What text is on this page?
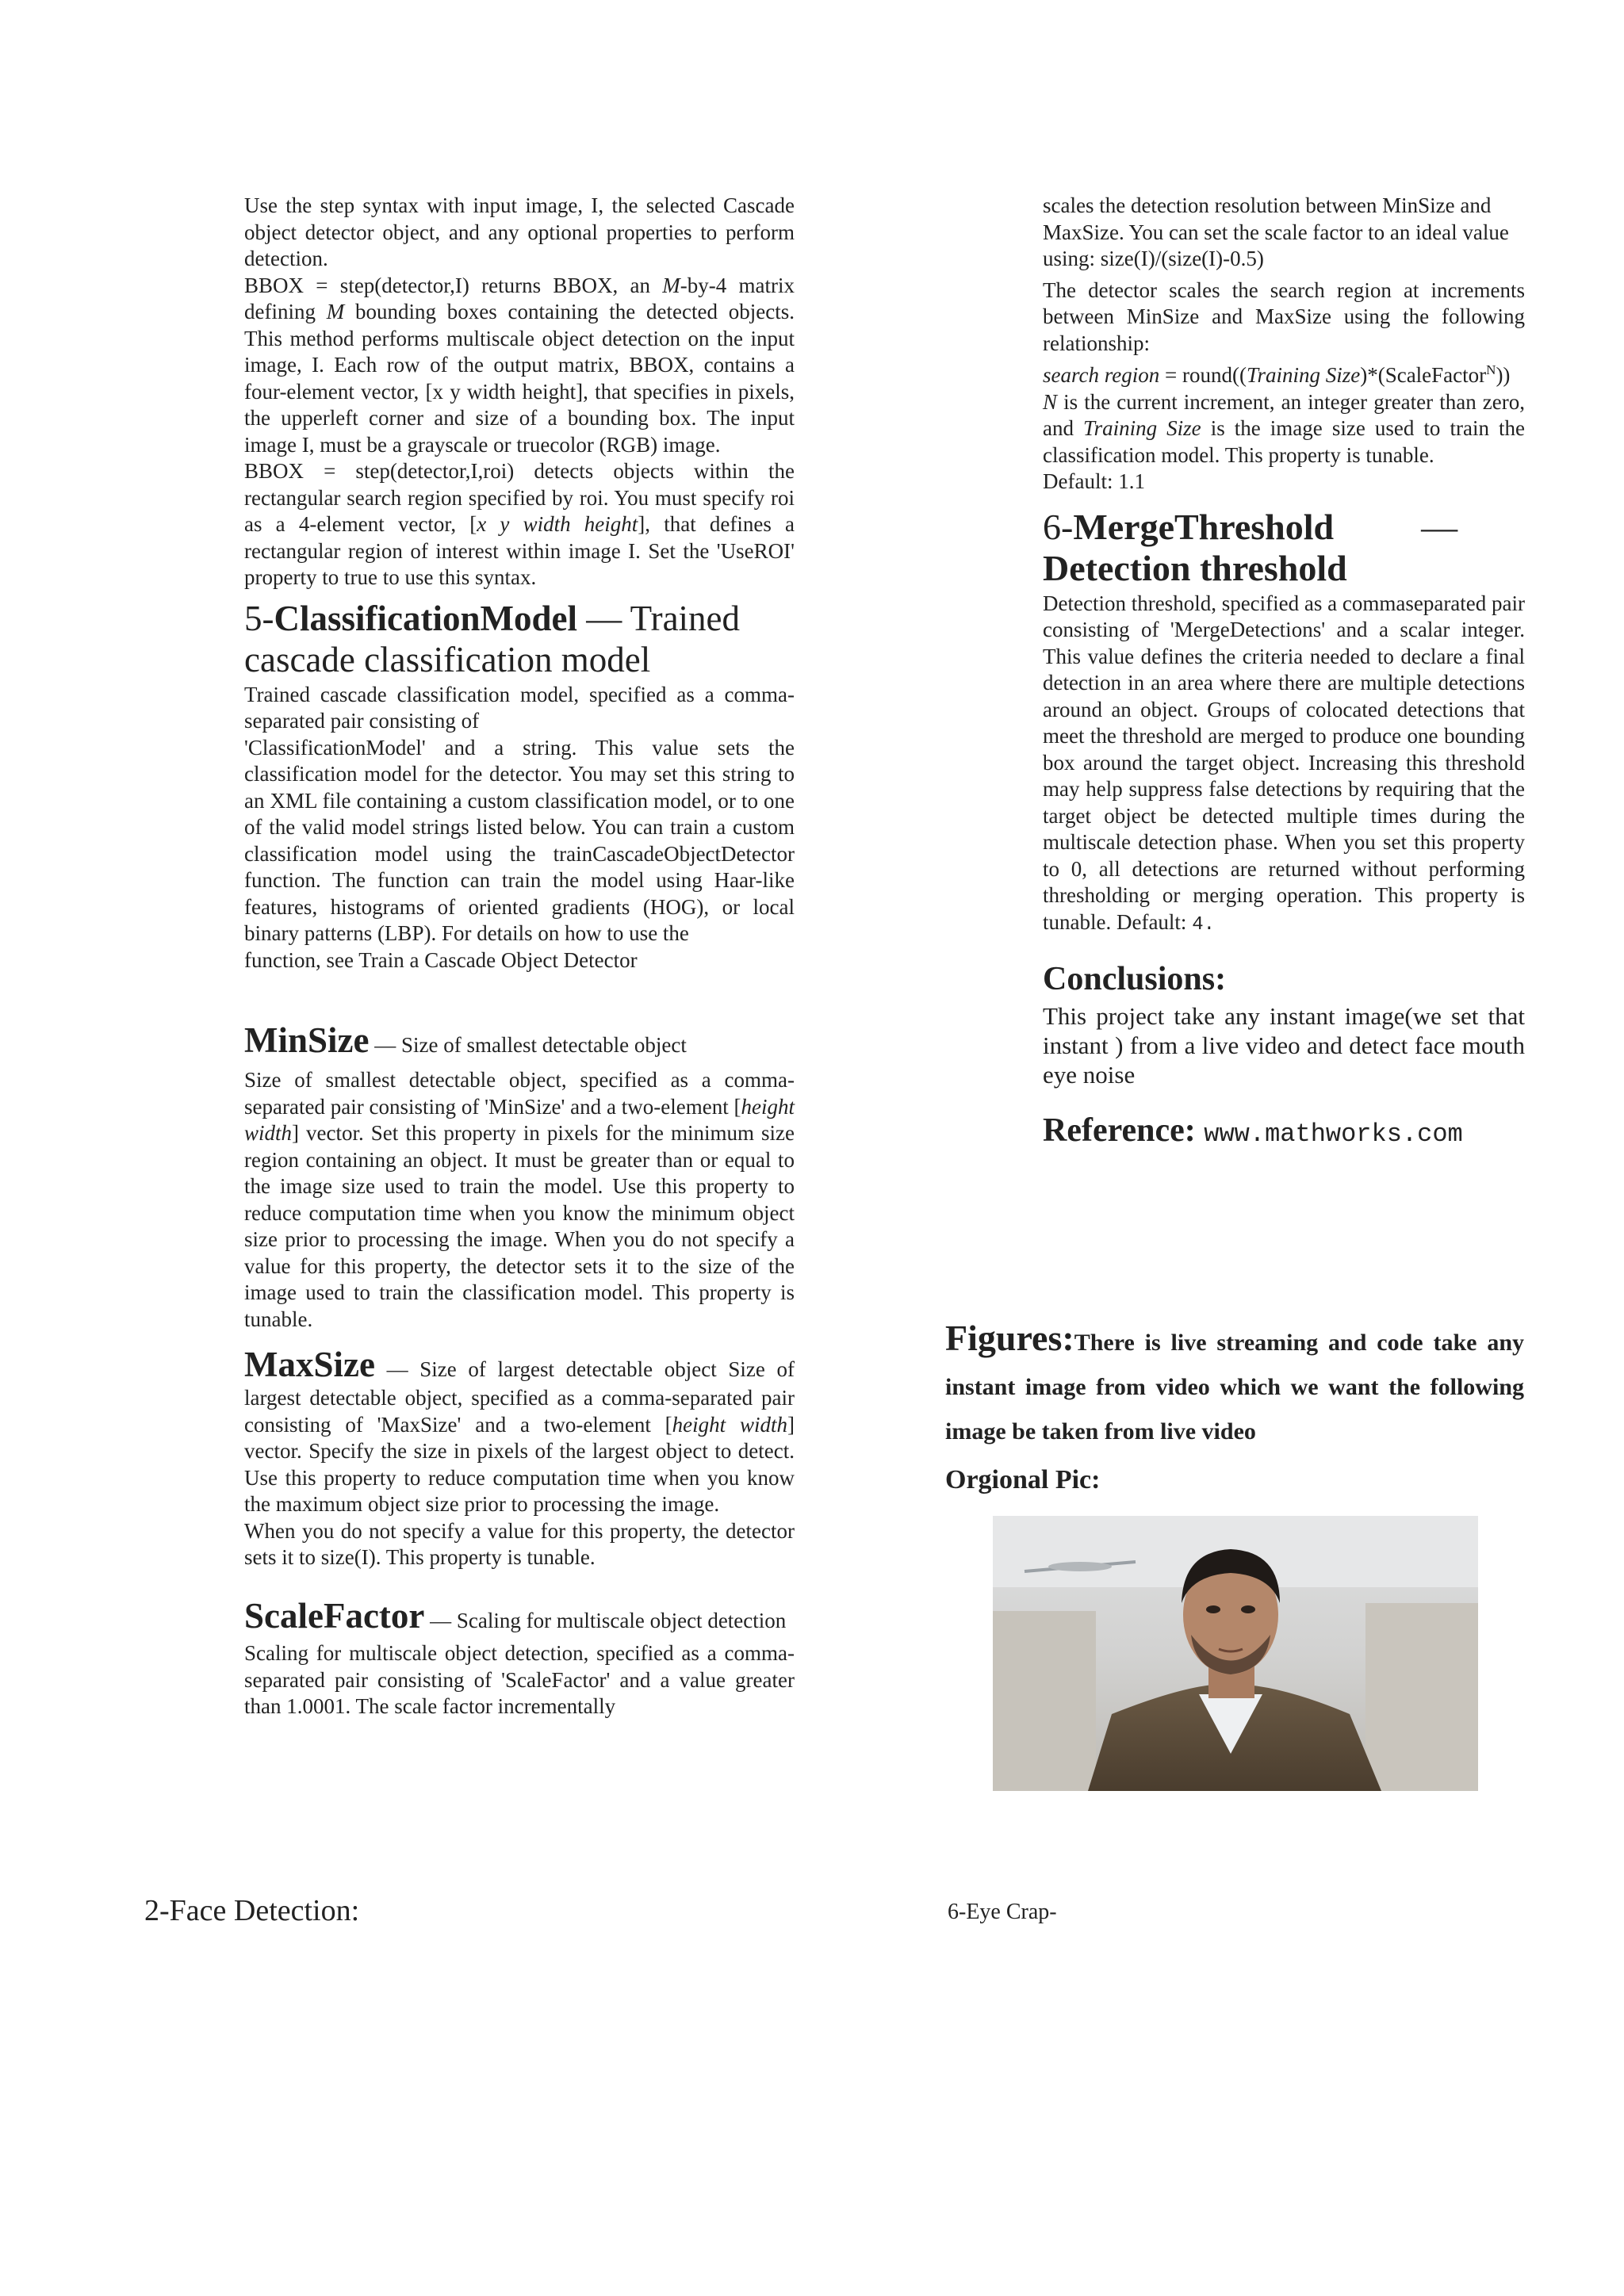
Use the step syntax with input image, I, the selected Cascade object detector object, and any optional properties to perform detection.

BBOX = step(detector,I) returns BBOX, an M-by-4 matrix defining M bounding boxes containing the detected objects. This method performs multiscale object detection on the input image, I. Each row of the output matrix, BBOX, contains a four-element vector, [x y width height], that specifies in pixels, the upperleft corner and size of a bounding box. The input image I, must be a grayscale or truecolor (RGB) image.

BBOX = step(detector,I,roi) detects objects within the rectangular search region specified by roi. You must specify roi as a 4-element vector, [x y width height], that defines a rectangular region of interest within image I. Set the 'UseROI' property to true to use this syntax.

5-ClassificationModel — Trained cascade classification model

Trained cascade classification model, specified as a comma-separated pair consisting of

'ClassificationModel' and a string. This value sets the classification model for the detector. You may set this string to an XML file containing a custom classification model, or to one of the valid model strings listed below. You can train a custom classification model using the trainCascadeObjectDetector function. The function can train the model using Haar-like features, histograms of oriented gradients (HOG), or local binary patterns (LBP). For details on how to use the

function, see Train a Cascade Object Detector

MinSize — Size of smallest detectable object

Size of smallest detectable object, specified as a comma-separated pair consisting of 'MinSize' and a two-element [height width] vector. Set this property in pixels for the minimum size region containing an object. It must be greater than or equal to the image size used to train the model. Use this property to reduce computation time when you know the minimum object size prior to processing the image. When you do not specify a value for this property, the detector sets it to the size of the image used to train the classification model. This property is tunable.

MaxSize — Size of largest detectable object Size of largest detectable object, specified as a comma-separated pair consisting of 'MaxSize' and a two-element [height width] vector. Specify the size in pixels of the largest object to detect. Use this property to reduce computation time when you know the maximum object size prior to processing the image.

When you do not specify a value for this property, the detector sets it to size(I). This property is tunable.

ScaleFactor — Scaling for multiscale object detection

Scaling for multiscale object detection, specified as a comma-separated pair consisting of 'ScaleFactor' and a value greater than 1.0001. The scale factor incrementally

scales the detection resolution between MinSize and MaxSize. You can set the scale factor to an ideal value using: size(I)/(size(I)-0.5)

The detector scales the search region at increments between MinSize and MaxSize using the following relationship:

search region = round((Training Size)*(ScaleFactor$^N$))

N is the current increment, an integer greater than zero, and Training Size is the image size used to train the classification model. This property is tunable.

Default: 1.1

6-MergeThreshold —
Detection threshold

Detection threshold, specified as a commaseparated pair consisting of 'MergeDetections' and a scalar integer. This value defines the criteria needed to declare a final detection in an area where there are multiple detections around an object. Groups of colocated detections that meet the threshold are merged to produce one bounding box around the target object. Increasing this threshold may help suppress false detections by requiring that the target object be detected multiple times during the multiscale detection phase. When you set this property to 0, all detections are returned without performing thresholding or merging operation. This property is tunable. Default: 4.

Conclusions:

This project take any instant image(we set that instant ) from a live video and detect face mouth eye noise

Reference: www.mathworks.com
Figures:There is live streaming and code take any instant image from video which we want the following image be taken from live video
Orgional Pic:
2-Face Detection:	6-Eye Crap-
